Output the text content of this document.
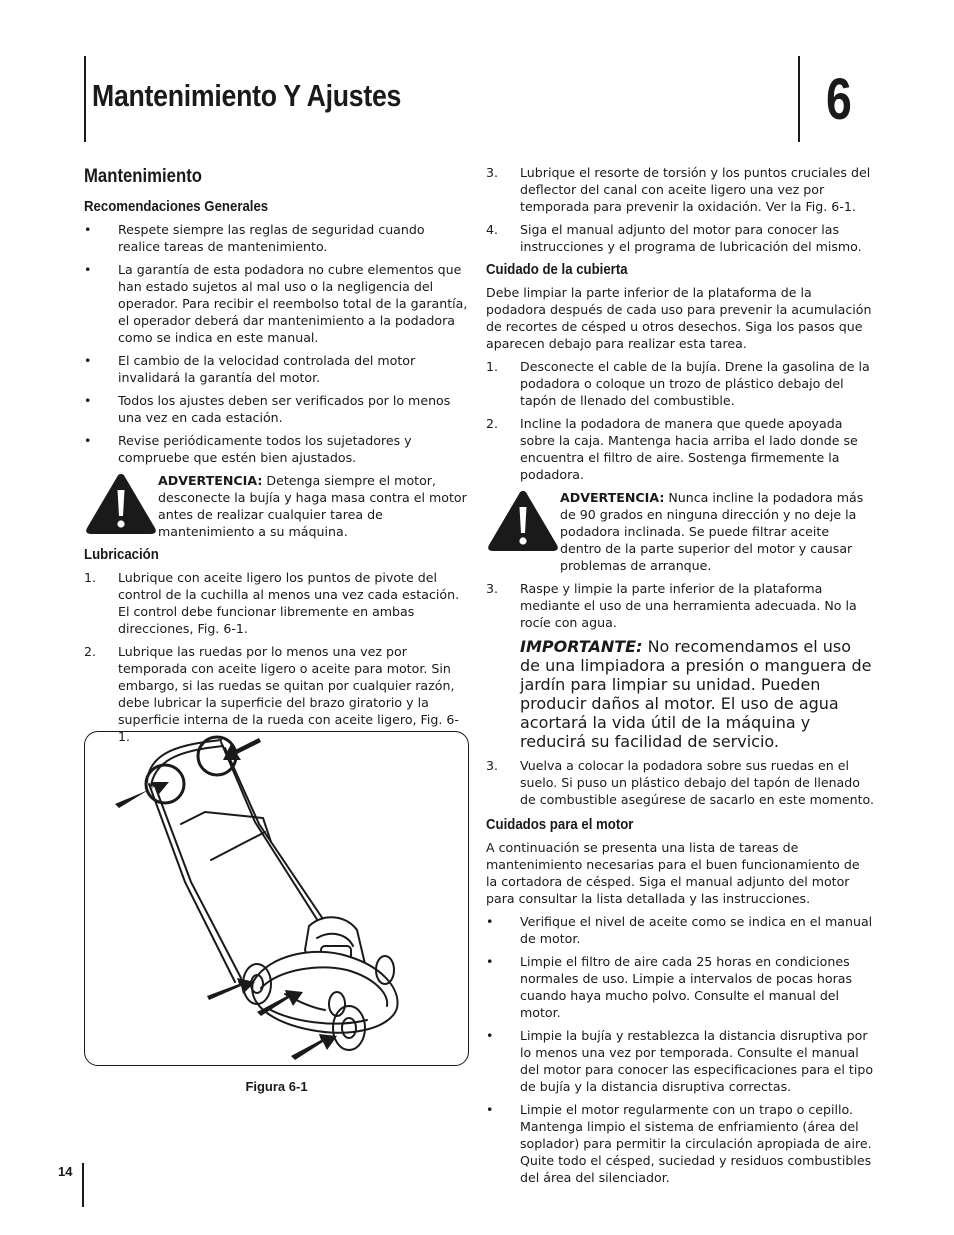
Mantenimiento Y Ajustes	6
Mantenimiento
Recomendaciones Generales
•	Respete siempre las reglas de seguridad cuando realice tareas de mantenimiento.
•	La garantía de esta podadora no cubre elementos que han estado sujetos al mal uso o la negligencia del operador. Para recibir el reembolso total de la garantía, el operador deberá dar mantenimiento a la podadora como se indica en este manual.
•	El cambio de la velocidad controlada del motor invalidará la garantía del motor.
•	Todos los ajustes deben ser verificados por lo menos una vez en cada estación.
•	Revise periódicamente todos los sujetadores y compruebe que estén bien ajustados.
ADVERTENCIA: Detenga siempre el motor, desconecte la bujía y haga masa contra el motor antes de realizar cualquier tarea de mantenimiento a su máquina.
Lubricación
1.	Lubrique con aceite ligero los puntos de pivote del control de la cuchilla al menos una vez cada estación. El control debe funcionar libremente en ambas direcciones, Fig. 6-1.
2.	Lubrique las ruedas por lo menos una vez por temporada con aceite ligero o aceite para motor. Sin embargo, si las ruedas se quitan por cualquier razón, debe lubricar la superficie del brazo giratorio y la superficie interna de la rueda con aceite ligero, Fig. 6-1.
Figura 6-1
3.	Lubrique el resorte de torsión y los puntos cruciales del deflector del canal con aceite ligero una vez por temporada para prevenir la oxidación. Ver la Fig. 6-1.
4.	Siga el manual adjunto del motor para conocer las instrucciones y el programa de lubricación del mismo.
Cuidado de la cubierta

Debe limpiar la parte inferior de la plataforma de la podadora después de cada uso para prevenir la acumulación de recortes de césped u otros desechos. Siga los pasos que aparecen debajo para realizar esta tarea.

1.	Desconecte el cable de la bujía. Drene la gasolina de la podadora o coloque un trozo de plástico debajo del tapón de llenado del combustible.
2.	Incline la podadora de manera que quede apoyada sobre la caja. Mantenga hacia arriba el lado donde se encuentra el filtro de aire. Sostenga firmemente la podadora.
ADVERTENCIA: Nunca incline la podadora más de 90 grados en ninguna dirección y no deje la podadora inclinada. Se puede filtrar aceite dentro de la parte superior del motor y causar problemas de arranque.
3.	Raspe y limpie la parte inferior de la plataforma mediante el uso de una herramienta adecuada. No la rocíe con agua.
IMPORTANTE: No recomendamos el uso de una limpiadora a presión o manguera de jardín para limpiar su unidad. Pueden producir daños al motor. El uso de agua acortará la vida útil de la máquina y reducirá su facilidad de servicio.
3.	Vuelva a colocar la podadora sobre sus ruedas en el suelo. Si puso un plástico debajo del tapón de llenado de combustible asegúrese de sacarlo en este momento.
Cuidados para el motor

A continuación se presenta una lista de tareas de mantenimiento necesarias para el buen funcionamiento de la cortadora de césped. Siga el manual adjunto del motor para consultar la lista detallada y las instrucciones.

•	Verifique el nivel de aceite como se indica en el manual de motor.
•	Limpie el filtro de aire cada 25 horas en condiciones normales de uso. Limpie a intervalos de pocas horas cuando haya mucho polvo. Consulte el manual del motor.
•	Limpie la bujía y restablezca la distancia disruptiva por lo menos una vez por temporada. Consulte el manual del motor para conocer las especificaciones para el tipo de bujía y la distancia disruptiva correctas.
•	Limpie el motor regularmente con un trapo o cepillo. Mantenga limpio el sistema de enfriamiento (área del soplador) para permitir la circulación apropiada de aire. Quite todo el césped, suciedad y residuos combustibles del área del silenciador.
14
